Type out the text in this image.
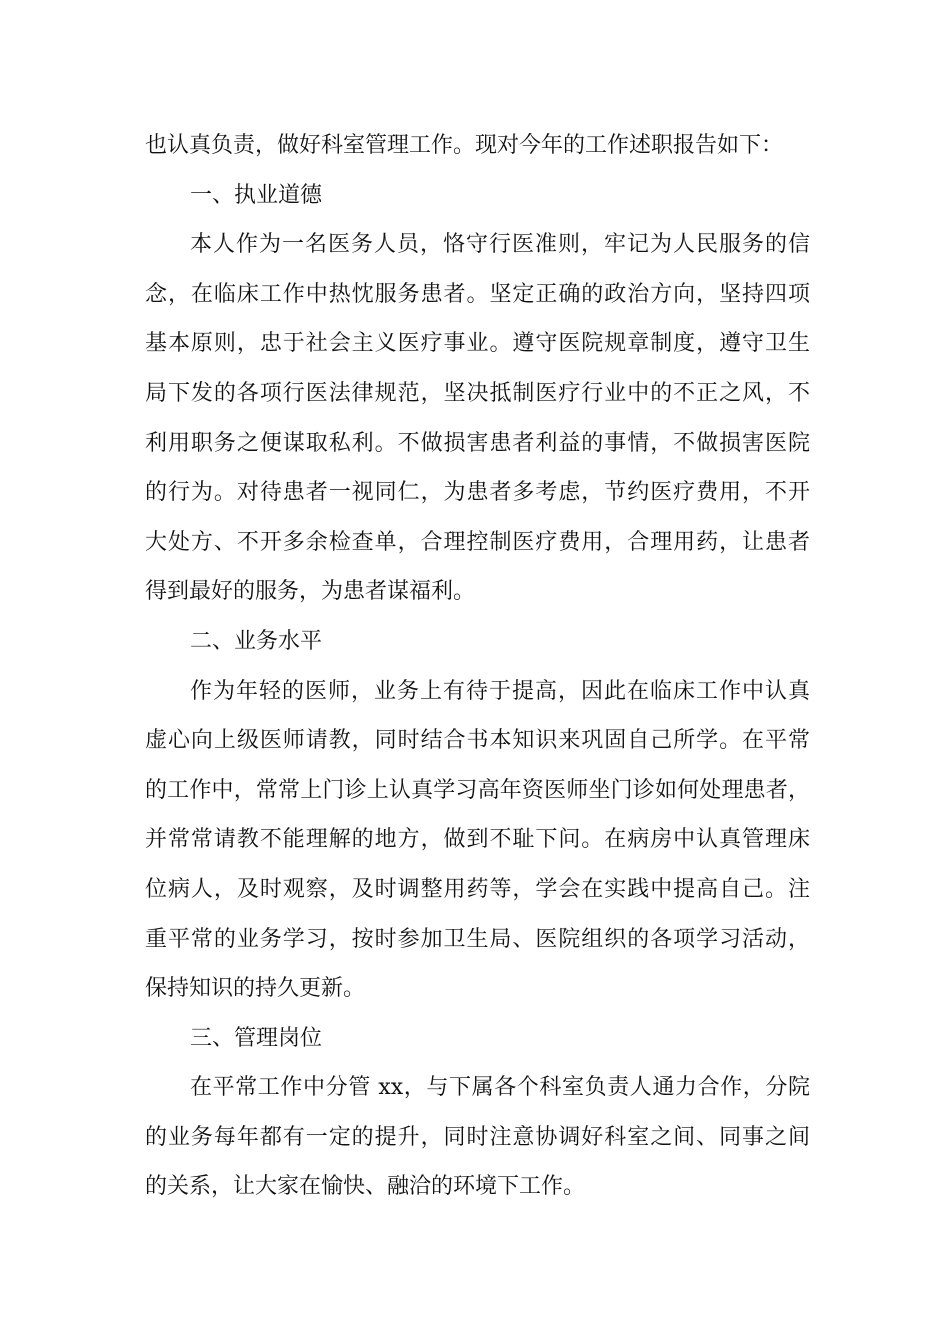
也认真负责，做好科室管理工作。现对今年的工作述职报告如下：
一、执业道德
本人作为一名医务人员，恪守行医准则，牢记为人民服务的信
念，在临床工作中热忱服务患者。坚定正确的政治方向，坚持四项
基本原则，忠于社会主义医疗事业。遵守医院规章制度，遵守卫生
局下发的各项行医法律规范，坚决抵制医疗行业中的不正之风，不
利用职务之便谋取私利。不做损害患者利益的事情，不做损害医院
的行为。对待患者一视同仁，为患者多考虑，节约医疗费用，不开
大处方、不开多余检查单，合理控制医疗费用，合理用药，让患者
得到最好的服务，为患者谋福利。
二、业务水平
作为年轻的医师，业务上有待于提高，因此在临床工作中认真
虚心向上级医师请教，同时结合书本知识来巩固自己所学。在平常
的工作中，常常上门诊上认真学习高年资医师坐门诊如何处理患者，
并常常请教不能理解的地方，做到不耻下问。在病房中认真管理床
位病人，及时观察，及时调整用药等，学会在实践中提高自己。注
重平常的业务学习，按时参加卫生局、医院组织的各项学习活动，
保持知识的持久更新。
三、管理岗位
在平常工作中分管 xx，与下属各个科室负责人通力合作，分院
的业务每年都有一定的提升，同时注意协调好科室之间、同事之间
的关系，让大家在愉快、融洽的环境下工作。
